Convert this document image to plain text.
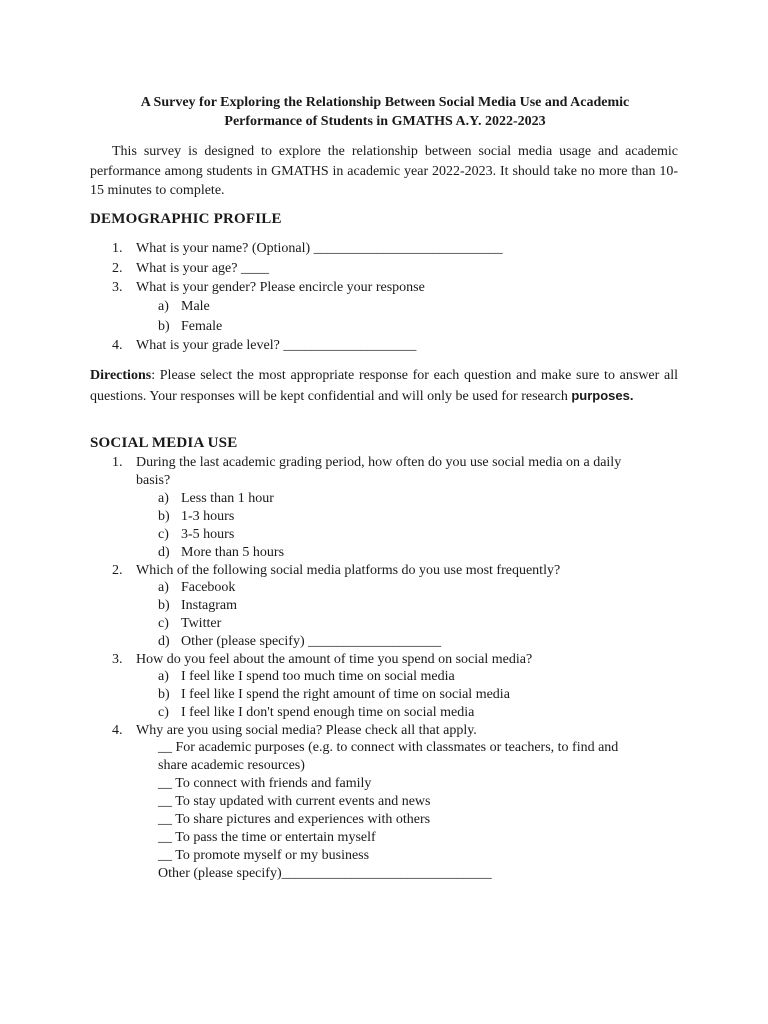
A Survey for Exploring the Relationship Between Social Media Use and Academic
Performance of Students in GMATHS A.Y. 2022-2023
This survey is designed to explore the relationship between social media usage and academic performance among students in GMATHS in academic year 2022-2023. It should take no more than 10-15 minutes to complete.
DEMOGRAPHIC PROFILE
1. What is your name? (Optional) ___________________________
2. What is your age? ____
3. What is your gender? Please encircle your response
a) Male
b) Female
4. What is your grade level? ___________________
Directions: Please select the most appropriate response for each question and make sure to answer all questions. Your responses will be kept confidential and will only be used for research purposes.
SOCIAL MEDIA USE
1. During the last academic grading period, how often do you use social media on a daily
basis?
a) Less than 1 hour
b) 1-3 hours
c) 3-5 hours
d) More than 5 hours
2. Which of the following social media platforms do you use most frequently?
a) Facebook
b) Instagram
c) Twitter
d) Other (please specify) ___________________
3. How do you feel about the amount of time you spend on social media?
a) I feel like I spend too much time on social media
b) I feel like I spend the right amount of time on social media
c) I feel like I don't spend enough time on social media
4. Why are you using social media? Please check all that apply.
__ For academic purposes (e.g. to connect with classmates or teachers, to find and
share academic resources)
__ To connect with friends and family
__ To stay updated with current events and news
__ To share pictures and experiences with others
__ To pass the time or entertain myself
__ To promote myself or my business
Other (please specify)______________________________
